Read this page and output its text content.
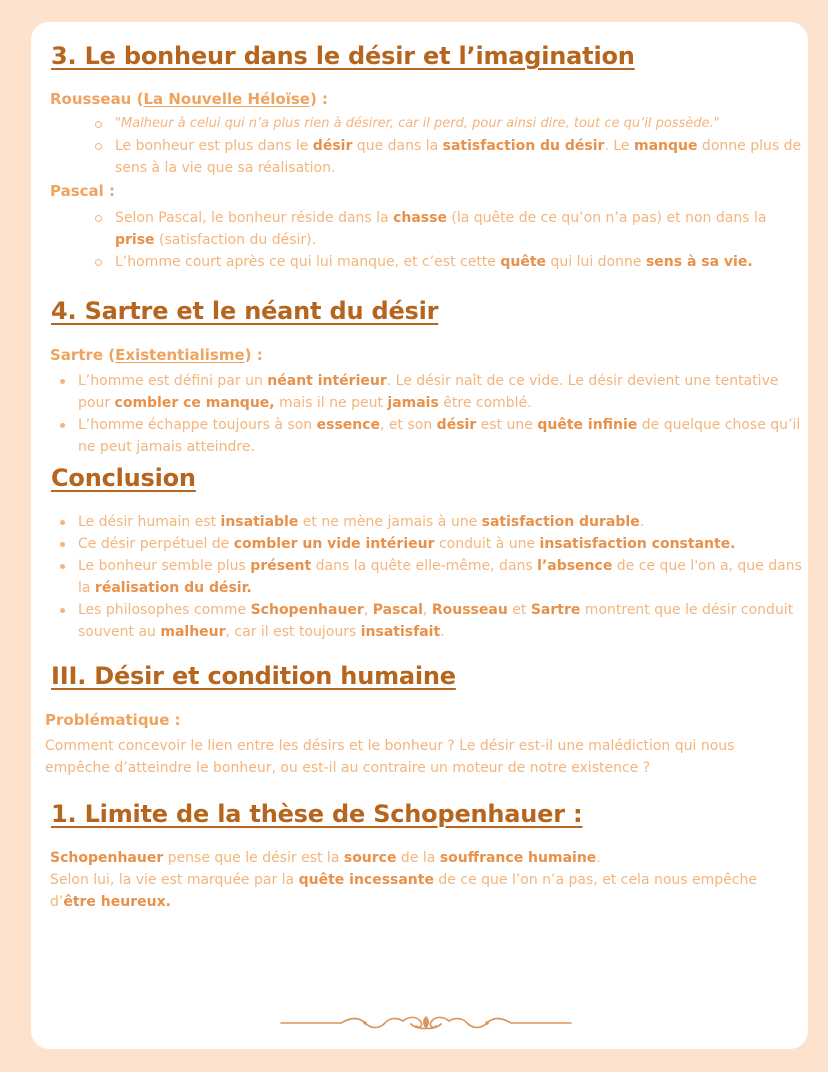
3. Le bonheur dans le désir et l’imagination
Rousseau (La Nouvelle Héloïse) :
"Malheur à celui qui n’a plus rien à désirer, car il perd, pour ainsi dire, tout ce qu’il possède."
Le bonheur est plus dans le désir que dans la satisfaction du désir. Le manque donne plus de sens à la vie que sa réalisation.
Pascal :
Selon Pascal, le bonheur réside dans la chasse (la quête de ce qu’on n’a pas) et non dans la prise (satisfaction du désir).
L’homme court après ce qui lui manque, et c’est cette quête qui lui donne sens à sa vie.
4. Sartre et le néant du désir
Sartre (Existentialisme) :
L’homme est défini par un néant intérieur. Le désir naît de ce vide. Le désir devient une tentative pour combler ce manque, mais il ne peut jamais être comblé.
L’homme échappe toujours à son essence, et son désir est une quête infinie de quelque chose qu’il ne peut jamais atteindre.
Conclusion
Le désir humain est insatiable et ne mène jamais à une satisfaction durable.
Ce désir perpétuel de combler un vide intérieur conduit à une insatisfaction constante.
Le bonheur semble plus présent dans la quête elle-même, dans l’absence de ce que l'on a, que dans la réalisation du désir.
Les philosophes comme Schopenhauer, Pascal, Rousseau et Sartre montrent que le désir conduit souvent au malheur, car il est toujours insatisfait.
III. Désir et condition humaine
Problématique :

Comment concevoir le lien entre les désirs et le bonheur ? Le désir est-il une malédiction qui nous empêche d’atteindre le bonheur, ou est-il au contraire un moteur de notre existence ?

1. Limite de la thèse de Schopenhauer :

Schopenhauer pense que le désir est la source de la souffrance humaine.
Selon lui, la vie est marquée par la quête incessante de ce que l’on n’a pas, et cela nous empêche d’être heureux.
